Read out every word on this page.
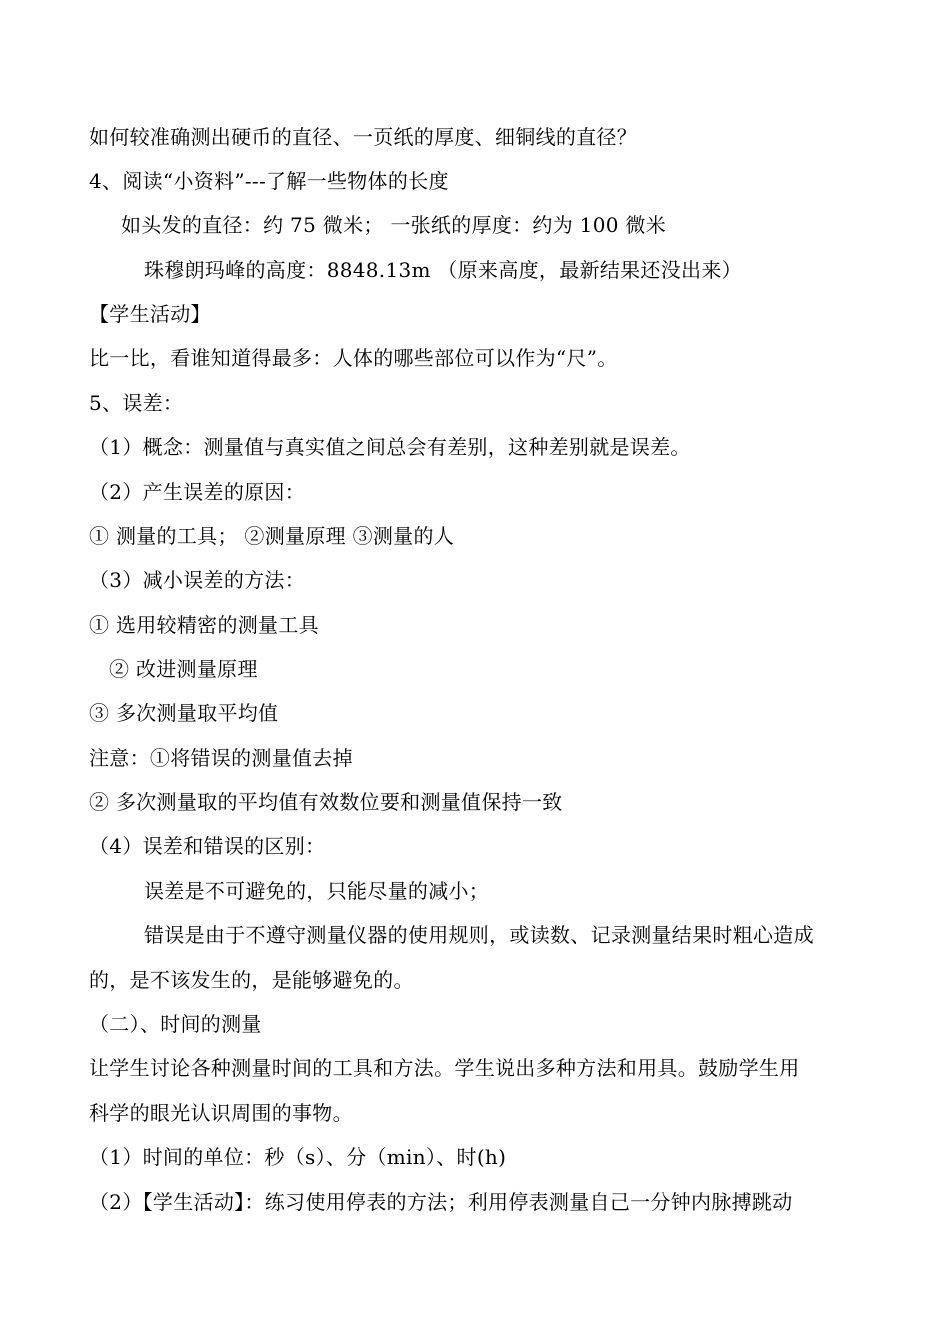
如何较准确测出硬币的直径、一页纸的厚度、细铜线的直径？
4、阅读“小资料”---了解一些物体的长度
如头发的直径：约 75 微米； 一张纸的厚度：约为 100 微米
珠穆朗玛峰的高度：8848.13m （原来高度，最新结果还没出来）
【学生活动】
比一比，看谁知道得最多：人体的哪些部位可以作为“尺”。
5、误差：
（1）概念：测量值与真实值之间总会有差别，这种差别就是误差。
（2）产生误差的原因：
① 测量的工具； ②测量原理 ③测量的人
（3）减小误差的方法：
① 选用较精密的测量工具
② 改进测量原理
③ 多次测量取平均值
注意：①将错误的测量值去掉
② 多次测量取的平均值有效数位要和测量值保持一致
（4）误差和错误的区别：
误差是不可避免的，只能尽量的减小；
错误是由于不遵守测量仪器的使用规则，或读数、记录测量结果时粗心造成
的，是不该发生的，是能够避免的。
（二）、时间的测量
让学生讨论各种测量时间的工具和方法。学生说出多种方法和用具。鼓励学生用
科学的眼光认识周围的事物。
（1）时间的单位：秒（s）、分（min）、时(h)
（2）【学生活动】：练习使用停表的方法；利用停表测量自己一分钟内脉搏跳动
